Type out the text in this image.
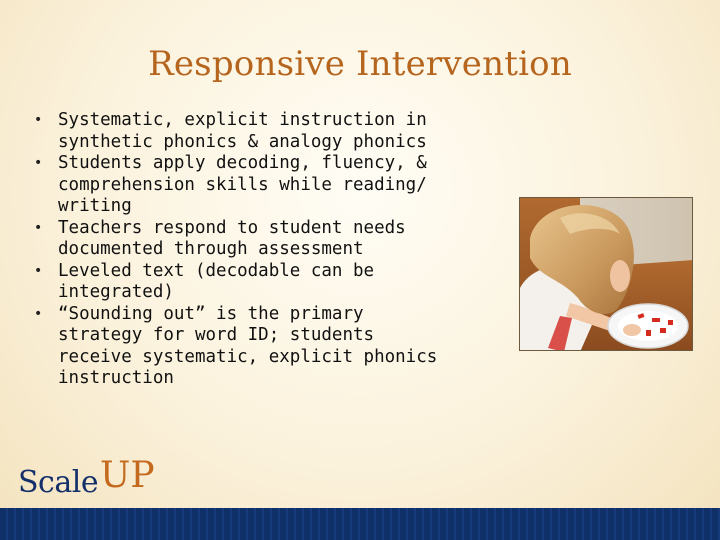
Responsive Intervention
• Systematic, explicit instruction in
synthetic phonics & analogy phonics
• Students apply decoding, fluency, &
comprehension skills while reading/
writing
• Teachers respond to student needs
documented through assessment
• Leveled text (decodable can be
integrated)
• “Sounding out” is the primary
strategy for word ID; students
receive systematic, explicit phonics
instruction
Scale UP
